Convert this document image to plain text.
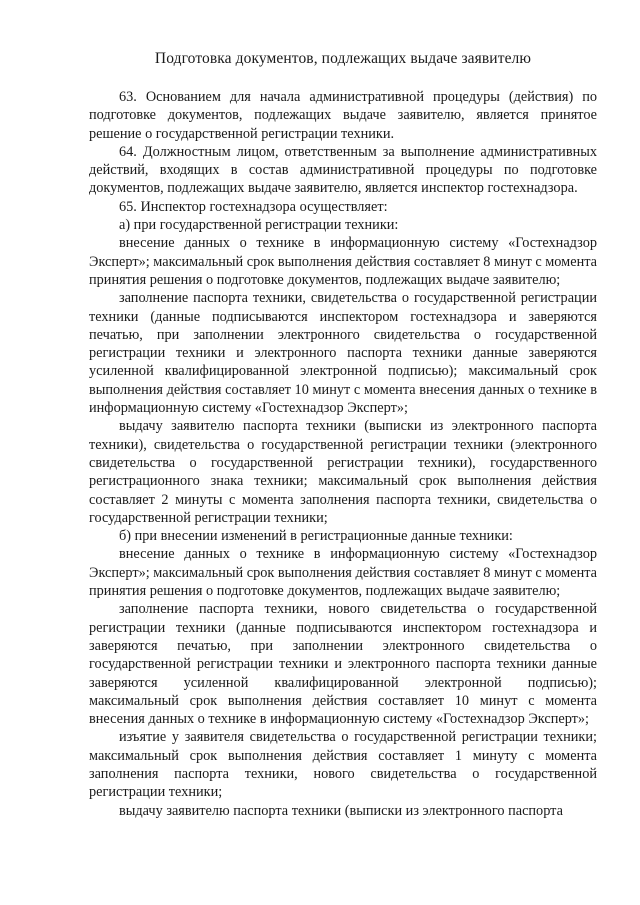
Подготовка документов, подлежащих выдаче заявителю

63. Основанием для начала административной процедуры (действия) по подготовке документов, подлежащих выдаче заявителю, является принятое решение о государственной регистрации техники.

64. Должностным лицом, ответственным за выполнение административных действий, входящих в состав административной процедуры по подготовке документов, подлежащих выдаче заявителю, является инспектор гостехнадзора.

65. Инспектор гостехнадзора осуществляет:

а) при государственной регистрации техники:

внесение данных о технике в информационную систему «Гостехнадзор Эксперт»; максимальный срок выполнения действия составляет 8 минут с момента принятия решения о подготовке документов, подлежащих выдаче заявителю;

заполнение паспорта техники, свидетельства о государственной регистрации техники (данные подписываются инспектором гостехнадзора и заверяются печатью, при заполнении электронного свидетельства о государственной регистрации техники и электронного паспорта техники данные заверяются усиленной квалифицированной электронной подписью); максимальный срок выполнения действия составляет 10 минут с момента внесения данных о технике в информационную систему «Гостехнадзор Эксперт»;

выдачу заявителю паспорта техники (выписки из электронного паспорта техники), свидетельства о государственной регистрации техники (электронного свидетельства о государственной регистрации техники), государственного регистрационного знака техники; максимальный срок выполнения действия составляет 2 минуты с момента заполнения паспорта техники, свидетельства о государственной регистрации техники;

б) при внесении изменений в регистрационные данные техники:

внесение данных о технике в информационную систему «Гостехнадзор Эксперт»; максимальный срок выполнения действия составляет 8 минут с момента принятия решения о подготовке документов, подлежащих выдаче заявителю;

заполнение паспорта техники, нового свидетельства о государственной регистрации техники (данные подписываются инспектором гостехнадзора и заверяются печатью, при заполнении электронного свидетельства о государственной регистрации техники и электронного паспорта техники данные заверяются усиленной квалифицированной электронной подписью); максимальный срок выполнения действия составляет 10 минут с момента внесения данных о технике в информационную систему «Гостехнадзор Эксперт»;

изъятие у заявителя свидетельства о государственной регистрации техники; максимальный срок выполнения действия составляет 1 минуту с момента заполнения паспорта техники, нового свидетельства о государственной регистрации техники;

выдачу заявителю паспорта техники (выписки из электронного паспорта
